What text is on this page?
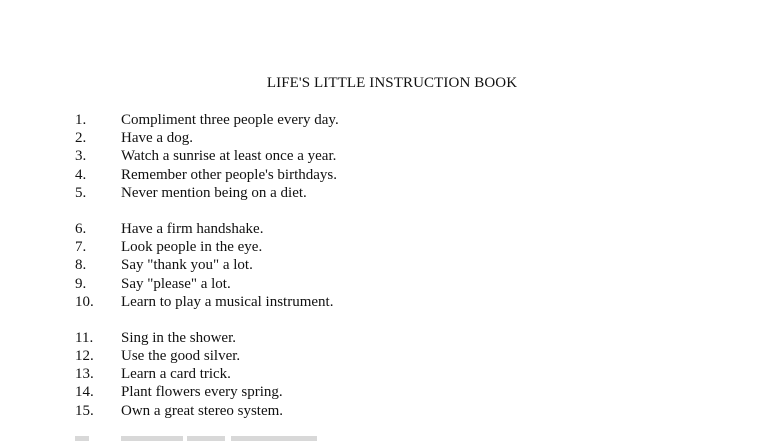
LIFE'S LITTLE INSTRUCTION BOOK
1.	Compliment three people every day.
2.	Have a dog.
3.	Watch a sunrise at least once a year.
4.	Remember other people's birthdays.
5.	Never mention being on a diet.
6.	Have a firm handshake.
7.	Look people in the eye.
8.	Say "thank you" a lot.
9.	Say "please" a lot.
10.	Learn to play a musical instrument.
11.	Sing in the shower.
12.	Use the good silver.
13.	Learn a card trick.
14.	Plant flowers every spring.
15.	Own a great stereo system.
